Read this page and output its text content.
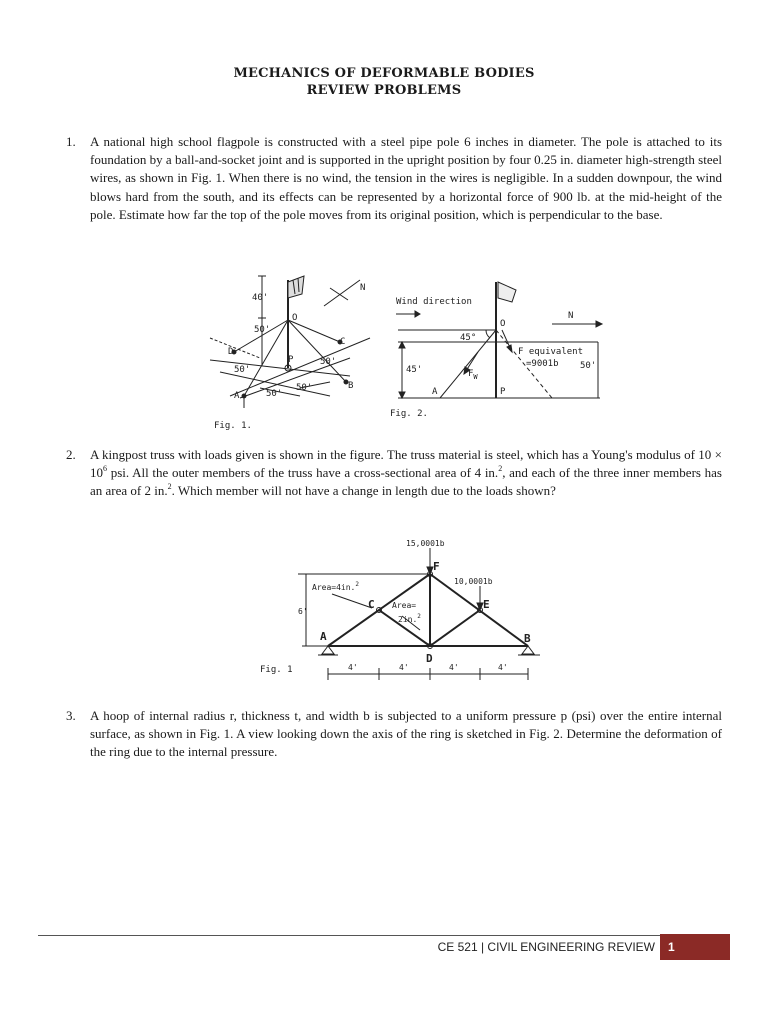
MECHANICS OF DEFORMABLE BODIES
REVIEW PROBLEMS
1. A national high school flagpole is constructed with a steel pipe pole 6 inches in diameter. The pole is attached to its foundation by a ball-and-socket joint and is supported in the upright position by four 0.25 in. diameter high-strength steel wires, as shown in Fig. 1. When there is no wind, the tension in the wires is negligible. In a sudden downpour, the wind blows hard from the south, and its effects can be represented by a horizontal force of 900 lb. at the mid-height of the pole. Estimate how far the top of the pole moves from its original position, which is perpendicular to the base.
40'
50'
N
O
P
D
C
50'
50'
A
B
50'
50'
Fig. 1.
Wind direction
N
O
45°
F equivalent
=9001b
45'	50'
$F_W$
A	P
Fig. 2.
2. A kingpost truss with loads given is shown in the figure. The truss material is steel, which has a Young's modulus of $10 \times 10^6$ psi. All the outer members of the truss have a cross-sectional area of 4 in.$^2$, and each of the three inner members has an area of 2 in.$^2$. Which member will not have a change in length due to the loads shown?
15,0001b
10,0001b
Area=4in.$^2$
Area=
2in.$^2$
6'
Fig. 1	4'	4'	4'	4'
A	B
C
D
E
F
3. A hoop of internal radius r, thickness t, and width b is subjected to a uniform pressure p (psi) over the entire internal surface, as shown in Fig. 1. A view looking down the axis of the ring is sketched in Fig. 2. Determine the deformation of the ring due to the internal pressure.
CE 521 | CIVIL ENGINEERING REVIEW 1
